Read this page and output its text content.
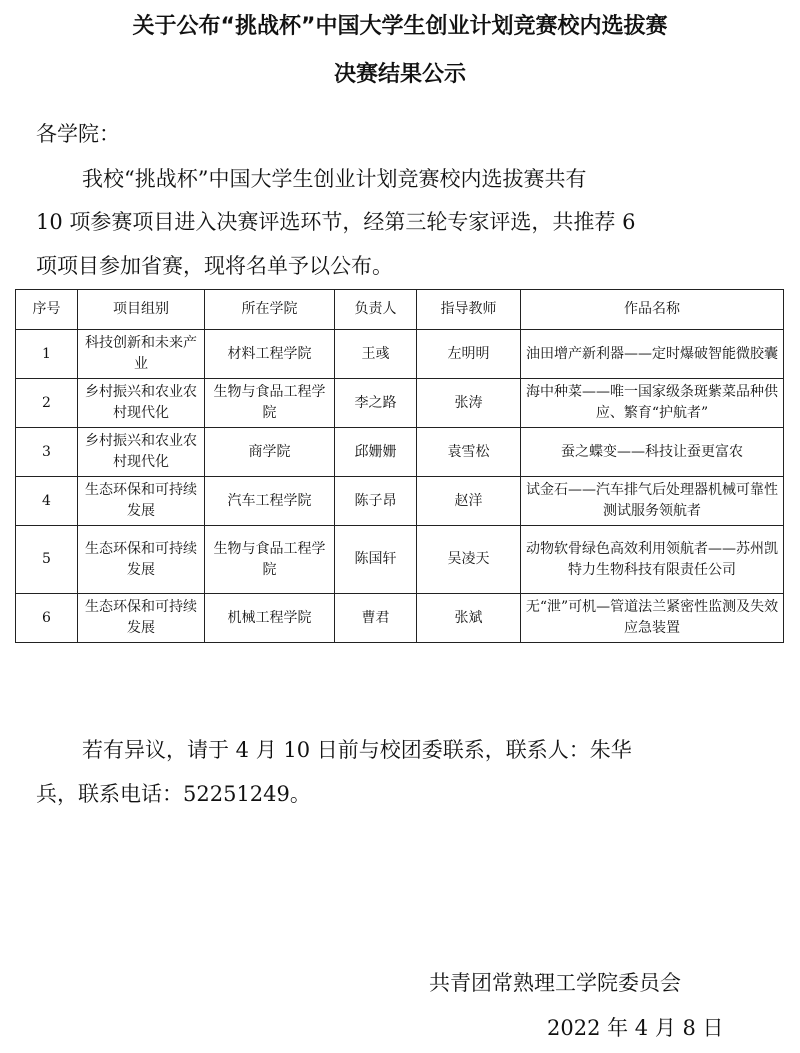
关于公布“挑战杯”中国大学生创业计划竞赛校内选拔赛
决赛结果公示

各学院：

我校“挑战杯”中国大学生创业计划竞赛校内选拔赛共有

10 项参赛项目进入决赛评选环节，经第三轮专家评选，共推荐 6

项项目参加省赛，现将名单予以公布。

序号	项目组别	所在学院	负责人	指导教师	作品名称
1	科技创新和未来产业	材料工程学院	王彧	左明明	油田增产新利器——定时爆破智能微胶囊
2	乡村振兴和农业农村现代化	生物与食品工程学院	李之路	张涛	海中种菜——唯一国家级条斑紫菜品种供应、繁育“护航者”
3	乡村振兴和农业农村现代化	商学院	邱姗姗	袁雪松	蚕之蝶变——科技让蚕更富农
4	生态环保和可持续发展	汽车工程学院	陈子昂	赵洋	试金石——汽车排气后处理器机械可靠性测试服务领航者
5	生态环保和可持续发展	生物与食品工程学院	陈国轩	吴凌天	动物软骨绿色高效利用领航者——苏州凯特力生物科技有限责任公司
6	生态环保和可持续发展	机械工程学院	曹君	张斌	无“泄”可机—管道法兰紧密性监测及失效应急装置

若有异议，请于 4 月 10 日前与校团委联系，联系人：朱华

兵，联系电话：52251249。

共青团常熟理工学院委员会

2022 年 4 月 8 日
